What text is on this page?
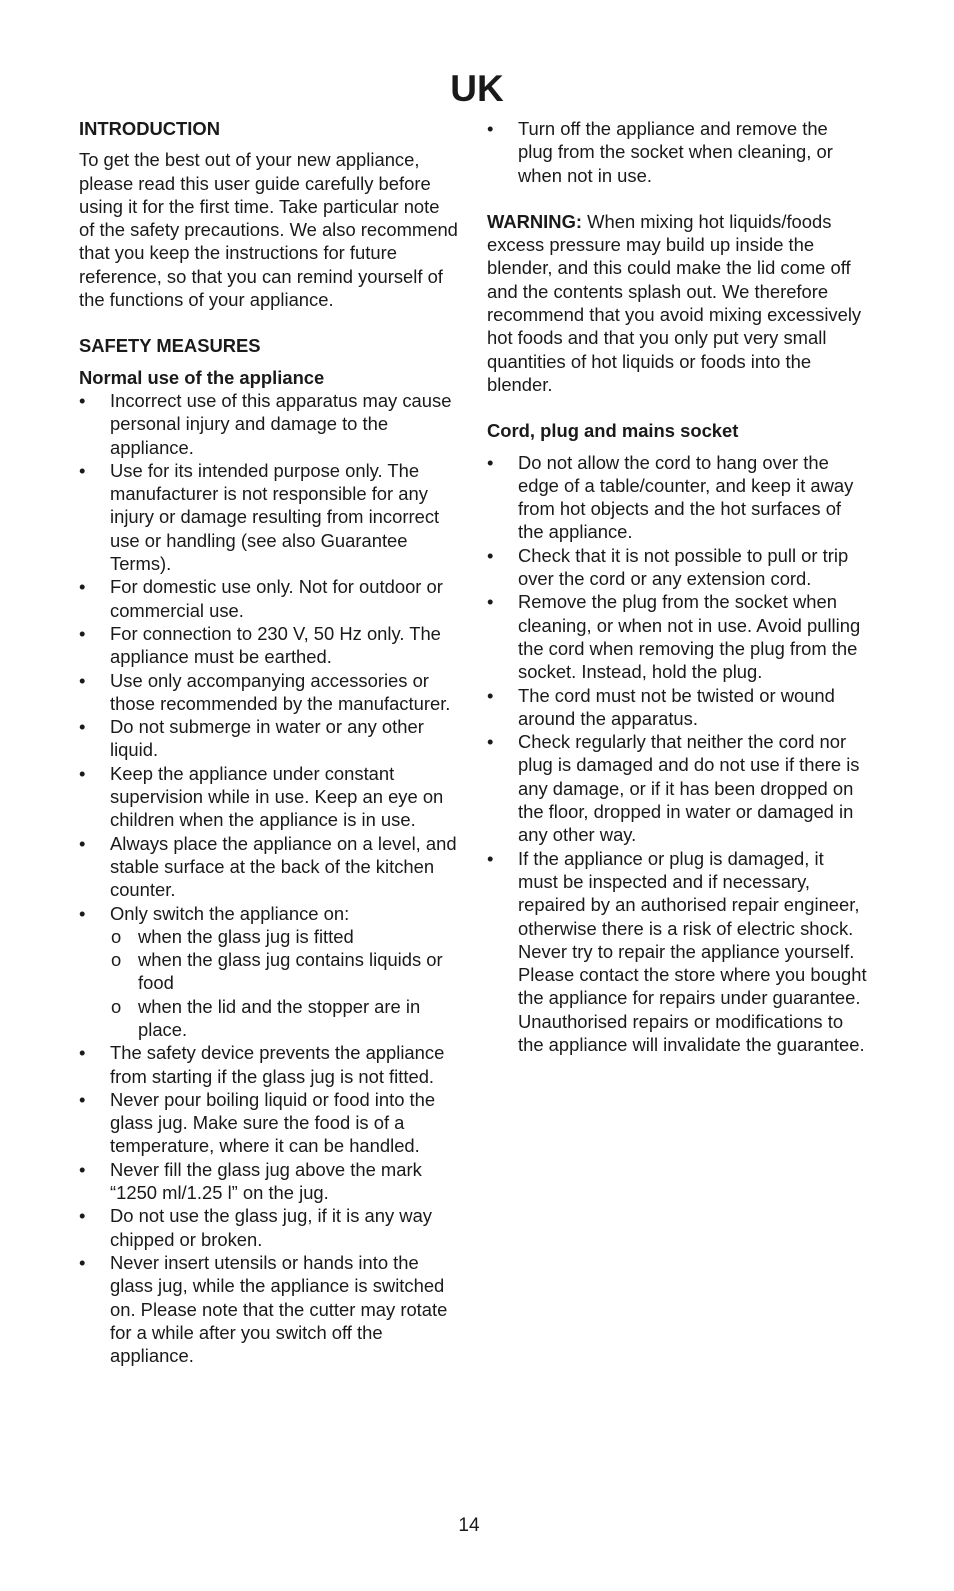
UK

INTRODUCTION

To get the best out of your new appliance, please read this user guide carefully before using it for the first time. Take particular note of the safety precautions. We also recommend that you keep the instructions for future reference, so that you can remind yourself of the functions of your appliance.

SAFETY MEASURES

Normal use of the appliance

• Incorrect use of this apparatus may cause personal injury and damage to the appliance.
• Use for its intended purpose only. The manufacturer is not responsible for any injury or damage resulting from incorrect use or handling (see also Guarantee Terms).
• For domestic use only. Not for outdoor or commercial use.
• For connection to 230 V, 50 Hz only. The appliance must be earthed.
• Use only accompanying accessories or those recommended by the manufacturer.
• Do not submerge in water or any other liquid.
• Keep the appliance under constant supervision while in use. Keep an eye on children when the appliance is in use.
• Always place the appliance on a level, and stable surface at the back of the kitchen counter.
• Only switch the appliance on:
o when the glass jug is fitted
o when the glass jug contains liquids or food
o when the lid and the stopper are in place.
• The safety device prevents the appliance from starting if the glass jug is not fitted.
• Never pour boiling liquid or food into the glass jug. Make sure the food is of a temperature, where it can be handled.
• Never fill the glass jug above the mark “1250 ml/1.25 l” on the jug.
• Do not use the glass jug, if it is any way chipped or broken.
• Never insert utensils or hands into the glass jug, while the appliance is switched on. Please note that the cutter may rotate for a while after you switch off the appliance.
• Turn off the appliance and remove the plug from the socket when cleaning, or when not in use.

WARNING: When mixing hot liquids/foods excess pressure may build up inside the blender, and this could make the lid come off and the contents splash out. We therefore recommend that you avoid mixing excessively hot foods and that you only put very small quantities of hot liquids or foods into the blender.

Cord, plug and mains socket

• Do not allow the cord to hang over the edge of a table/counter, and keep it away from hot objects and the hot surfaces of the appliance.
• Check that it is not possible to pull or trip over the cord or any extension cord.
• Remove the plug from the socket when cleaning, or when not in use. Avoid pulling the cord when removing the plug from the socket. Instead, hold the plug.
• The cord must not be twisted or wound around the apparatus.
• Check regularly that neither the cord nor plug is damaged and do not use if there is any damage, or if it has been dropped on the floor, dropped in water or damaged in any other way.
• If the appliance or plug is damaged, it must be inspected and if necessary, repaired by an authorised repair engineer, otherwise there is a risk of electric shock. Never try to repair the appliance yourself. Please contact the store where you bought the appliance for repairs under guarantee. Unauthorised repairs or modifications to the appliance will invalidate the guarantee.
14
